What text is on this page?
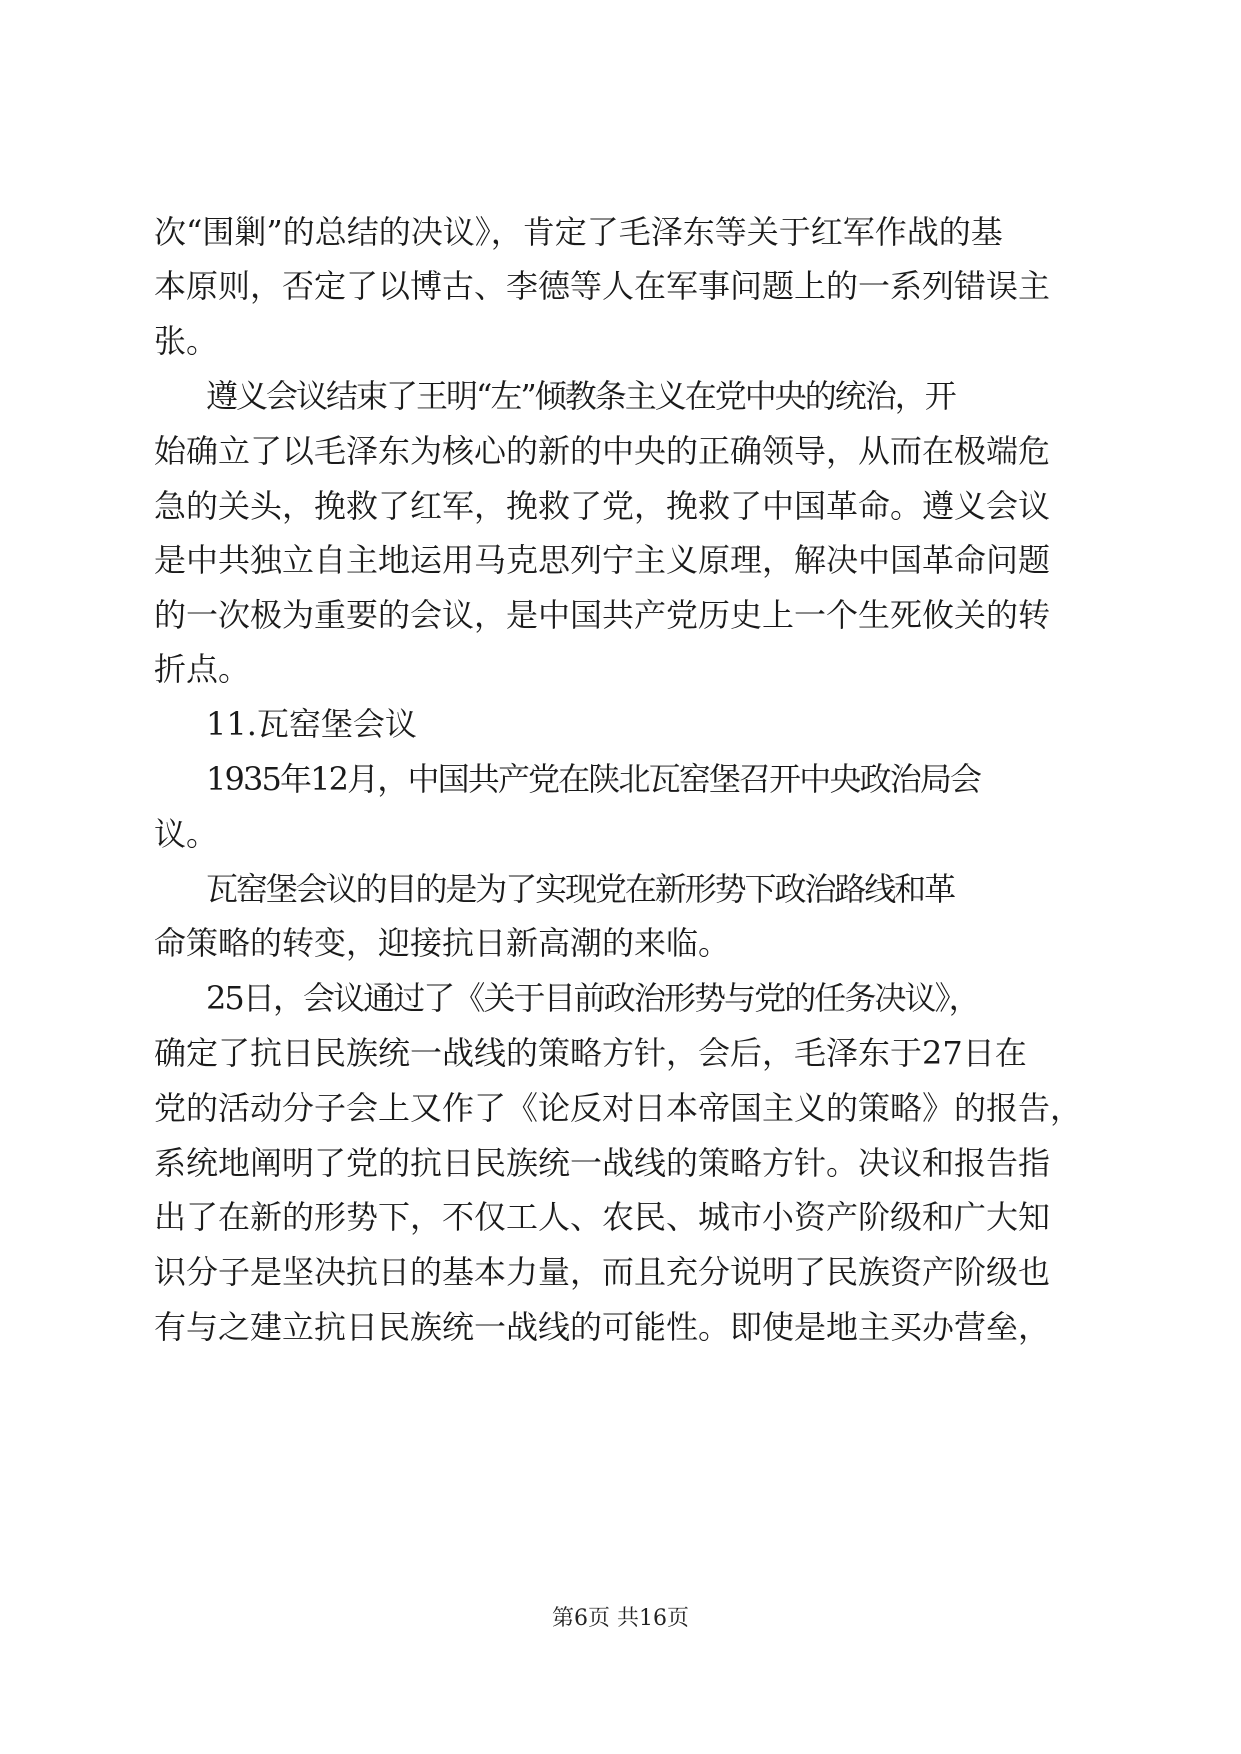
次“围剿”的总结的决议》，肯定了毛泽东等关于红军作战的基
本原则，否定了以博古、李德等人在军事问题上的一系列错误主
张。
遵义会议结束了王明“左”倾教条主义在党中央的统治，开
始确立了以毛泽东为核心的新的中央的正确领导，从而在极端危
急的关头，挽救了红军，挽救了党，挽救了中国革命。遵义会议
是中共独立自主地运用马克思列宁主义原理，解决中国革命问题
的一次极为重要的会议，是中国共产党历史上一个生死攸关的转
折点。
11.瓦窑堡会议
1935年12月，中国共产党在陕北瓦窑堡召开中央政治局会
议。
瓦窑堡会议的目的是为了实现党在新形势下政治路线和革
命策略的转变，迎接抗日新高潮的来临。
25日，会议通过了《关于目前政治形势与党的任务决议》，
确定了抗日民族统一战线的策略方针，会后，毛泽东于27日在
党的活动分子会上又作了《论反对日本帝国主义的策略》的报告，
系统地阐明了党的抗日民族统一战线的策略方针。决议和报告指
出了在新的形势下，不仅工人、农民、城市小资产阶级和广大知
识分子是坚决抗日的基本力量，而且充分说明了民族资产阶级也
有与之建立抗日民族统一战线的可能性。即使是地主买办营垒，
第6页 共16页
